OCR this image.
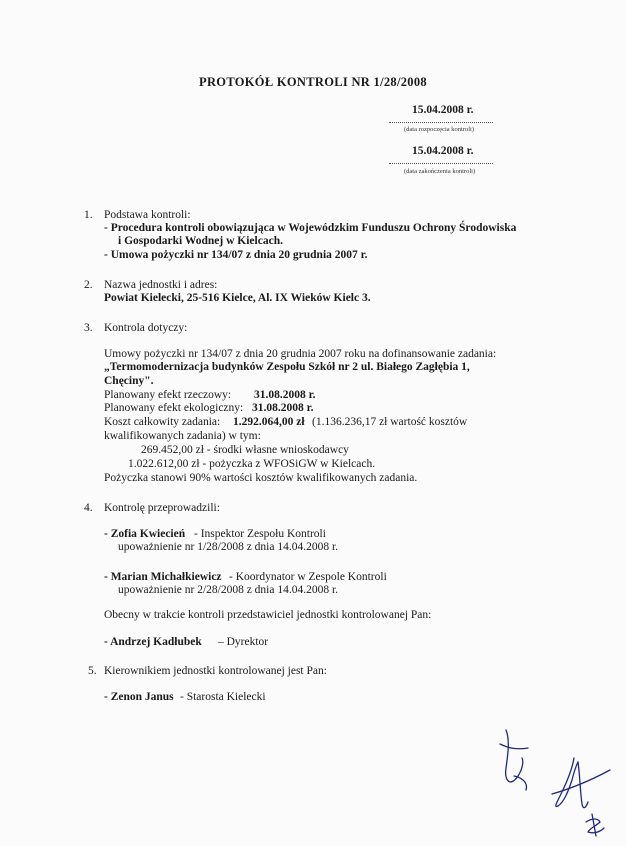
PROTOKÓŁ KONTROLI NR 1/28/2008
15.04.2008 r.
(data rozpoczęcia kontroli)
15.04.2008 r.
(data zakończenia kontroli)
1. Podstawa kontroli:
- Procedura kontroli obowiązująca w Wojewódzkim Funduszu Ochrony Środowiska
i Gospodarki Wodnej w Kielcach.
- Umowa pożyczki nr 134/07 z dnia 20 grudnia 2007 r.
2. Nazwa jednostki i adres:
Powiat Kielecki, 25-516 Kielce, Al. IX Wieków Kielc 3.
3. Kontrola dotyczy:
Umowy pożyczki nr 134/07 z dnia 20 grudnia 2007 roku na dofinansowanie zadania:
„Termomodernizacja budynków Zespołu Szkół nr 2 ul. Białego Zagłębia 1,
Chęciny".
Planowany efekt rzeczowy: 31.08.2008 r.
Planowany efekt ekologiczny: 31.08.2008 r.
Koszt całkowity zadania: 1.292.064,00 zł (1.136.236,17 zł wartość kosztów
kwalifikowanych zadania) w tym:
269.452,00 zł - środki własne wnioskodawcy
1.022.612,00 zł - pożyczka z WFOSiGW w Kielcach.
Pożyczka stanowi 90% wartości kosztów kwalifikowanych zadania.
4. Kontrolę przeprowadzili:
- Zofia Kwiecień - Inspektor Zespołu Kontroli
upoważnienie nr 1/28/2008 z dnia 14.04.2008 r.
- Marian Michałkiewicz - Koordynator w Zespole Kontroli
upoważnienie nr 2/28/2008 z dnia 14.04.2008 r.
Obecny w trakcie kontroli przedstawiciel jednostki kontrolowanej Pan:
- Andrzej Kadłubek – Dyrektor
5. Kierownikiem jednostki kontrolowanej jest Pan:
- Zenon Janus - Starosta Kielecki
